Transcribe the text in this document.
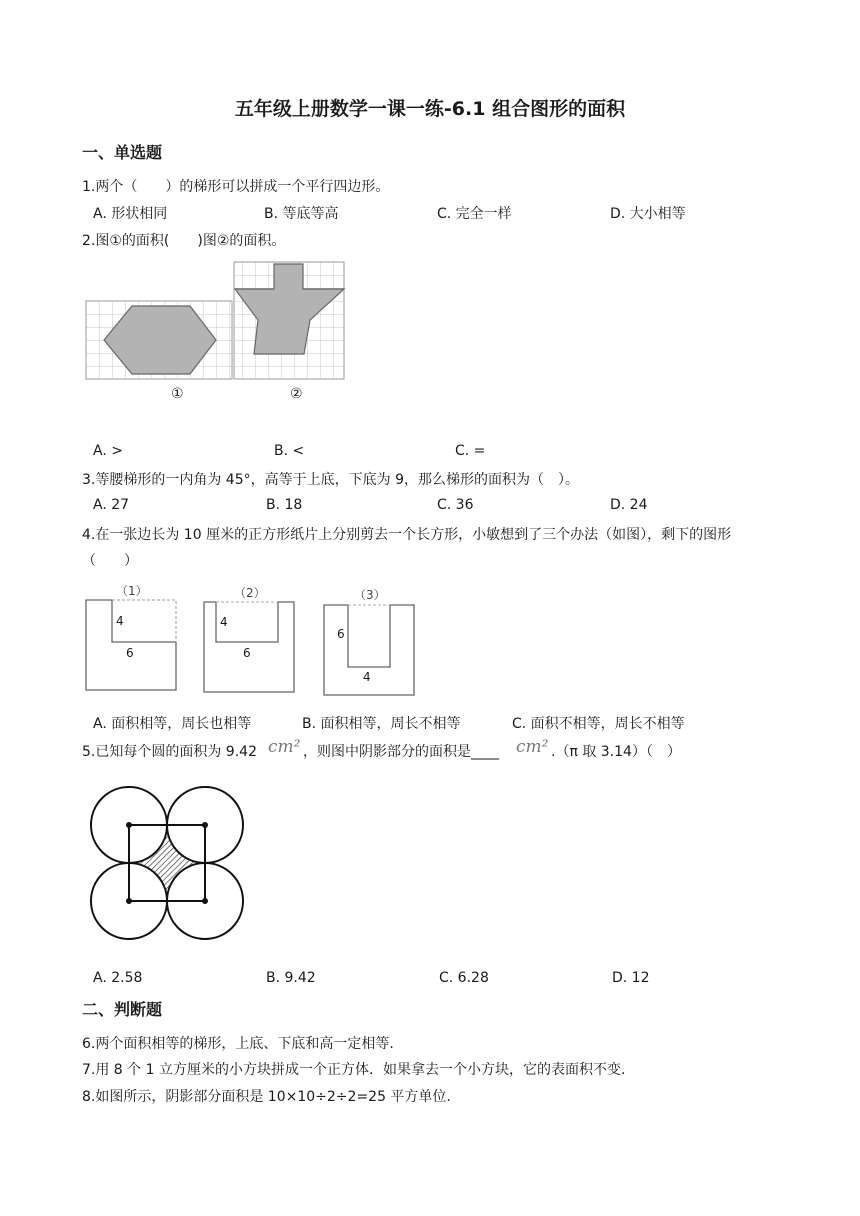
五年级上册数学一课一练-6.1 组合图形的面积
一、单选题
1.两个（　　）的梯形可以拼成一个平行四边形。
A. 形状相同	B. 等底等高	C. 完全一样	D. 大小相等
2.图①的面积(　　)图②的面积。
①	②
A. >	B. <	C. =
3.等腰梯形的一内角为 45°，高等于上底，下底为 9，那么梯形的面积为（　）。
A. 27	B. 18	C. 36	D. 24
4.在一张边长为 10 厘米的正方形纸片上分别剪去一个长方形，小敏想到了三个办法（如图），剩下的图形
（　　）
（1）
4
6
（2）
4
6
（3）
6
4
A. 面积相等，周长也相等	B. 面积相等，周长不相等	C. 面积不相等，周长不相等
5.已知每个圆的面积为 9.42 cm² ，则图中阴影部分的面积是____ cm² .（π 取 3.14）（　）
A. 2.58	B. 9.42	C. 6.28	D. 12
二、判断题
6.两个面积相等的梯形，上底、下底和高一定相等.
7.用 8 个 1 立方厘米的小方块拼成一个正方体．如果拿去一个小方块，它的表面积不变.
8.如图所示，阴影部分面积是 10×10÷2÷2=25 平方单位.
